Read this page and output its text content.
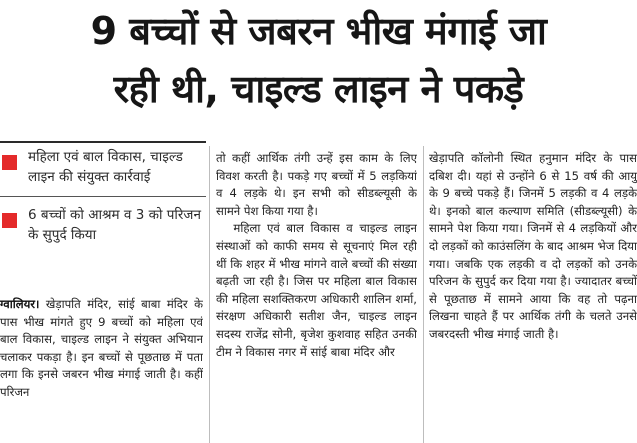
9 बच्चों से जबरन भीख मंगाई जा
रही थी, चाइल्ड लाइन ने पकड़े
महिला एवं बाल विकास, चाइल्ड लाइन की संयुक्त कार्रवाई
6 बच्चों को आश्रम व 3 को परिजन के सुपुर्द किया

ग्वालियर। खेड़ापति मंदिर, सांई बाबा मंदिर के पास भीख मांगते हुए 9 बच्चों को महिला एवं बाल विकास, चाइल्ड लाइन ने संयुक्त अभियान चलाकर पकड़ा है। इन बच्चों से पूछताछ में पता लगा कि इनसे जबरन भीख मंगाई जाती है। कहीं परिजन

तो कहीं आर्थिक तंगी उन्हें इस काम के लिए विवश करती है। पकड़े गए बच्चों में 5 लड़कियां व 4 लड़के थे। इन सभी को सीडब्ल्यूसी के सामने पेश किया गया है।

महिला एवं बाल विकास व चाइल्ड लाइन संस्थाओं को काफी समय से सूचनाएं मिल रही थीं कि शहर में भीख मांगने वाले बच्चों की संख्या बढ़ती जा रही है। जिस पर महिला बाल विकास की महिला सशक्तिकरण अधिकारी शालिन शर्मा, संरक्षण अधिकारी सतीश जैन, चाइल्ड लाइन सदस्य राजेंद्र सोनी, बृजेश कुशवाह सहित उनकी टीम ने विकास नगर में सांई बाबा मंदिर और

खेड़ापति कॉलोनी स्थित हनुमान मंदिर के पास दबिश दी। यहां से उन्होंने 6 से 15 वर्ष की आयु के 9 बच्चे पकड़े हैं। जिनमें 5 लड़की व 4 लड़के थे। इनको बाल कल्याण समिति (सीडब्ल्यूसी) के सामने पेश किया गया। जिनमें से 4 लड़कियों और दो लड़कों को काउंसलिंग के बाद आश्रम भेज दिया गया। जबकि एक लड़की व दो लड़कों को उनके परिजन के सुपुर्द कर दिया गया है। ज्यादातर बच्चों से पूछताछ में सामने आया कि वह तो पढ़ना लिखना चाहते हैं पर आर्थिक तंगी के चलते उनसे जबरदस्ती भीख मंगाई जाती है।
